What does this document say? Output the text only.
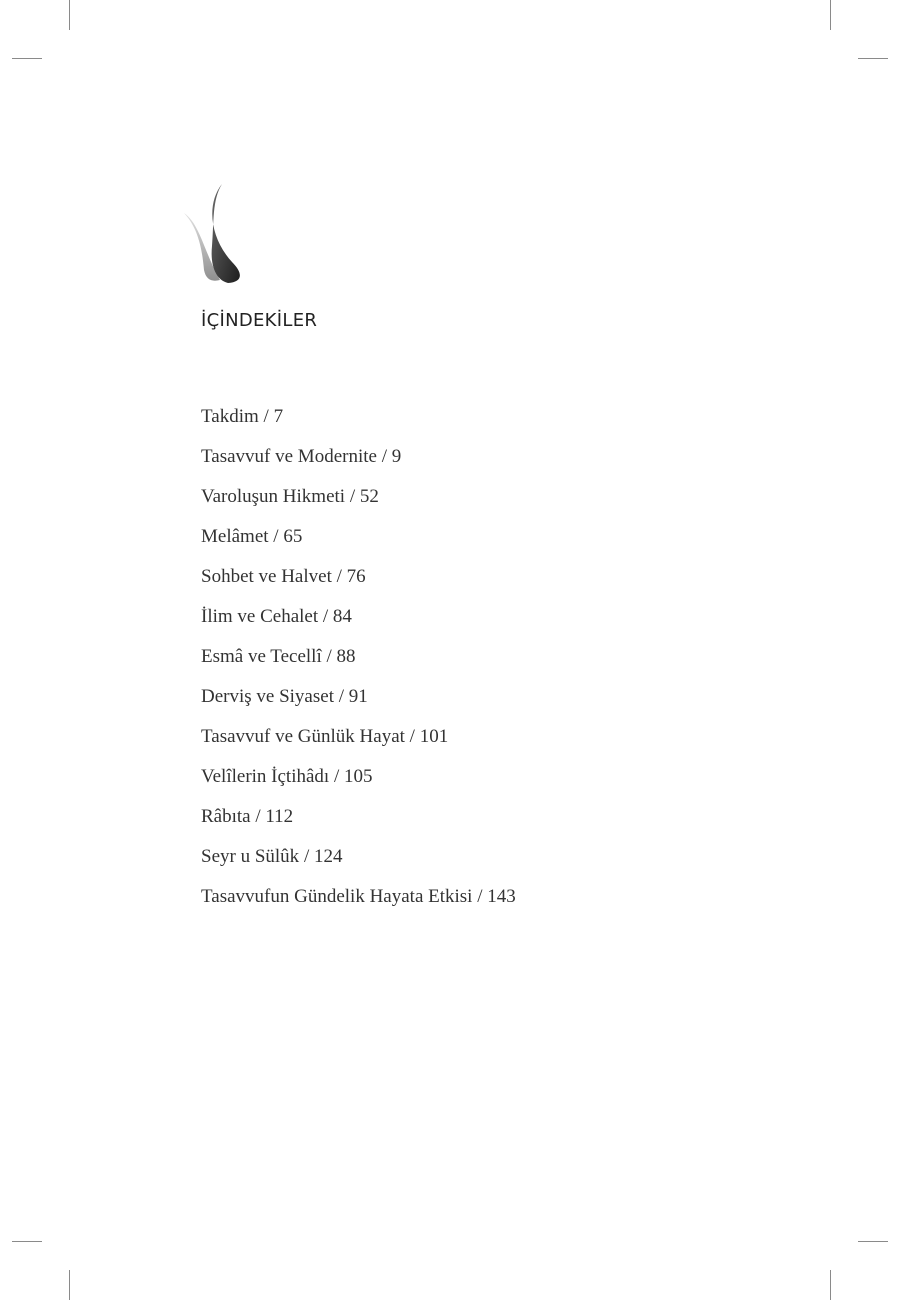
İÇİNDEKİLER
Takdim / 7
Tasavvuf ve Modernite / 9
Varoluşun Hikmeti / 52
Melâmet / 65
Sohbet ve Halvet / 76
İlim ve Cehalet / 84
Esmâ ve Tecellî / 88
Derviş ve Siyaset / 91
Tasavvuf ve Günlük Hayat / 101
Velîlerin İçtihâdı / 105
Râbıta / 112
Seyr u Sülûk / 124
Tasavvufun Gündelik Hayata Etkisi / 143
